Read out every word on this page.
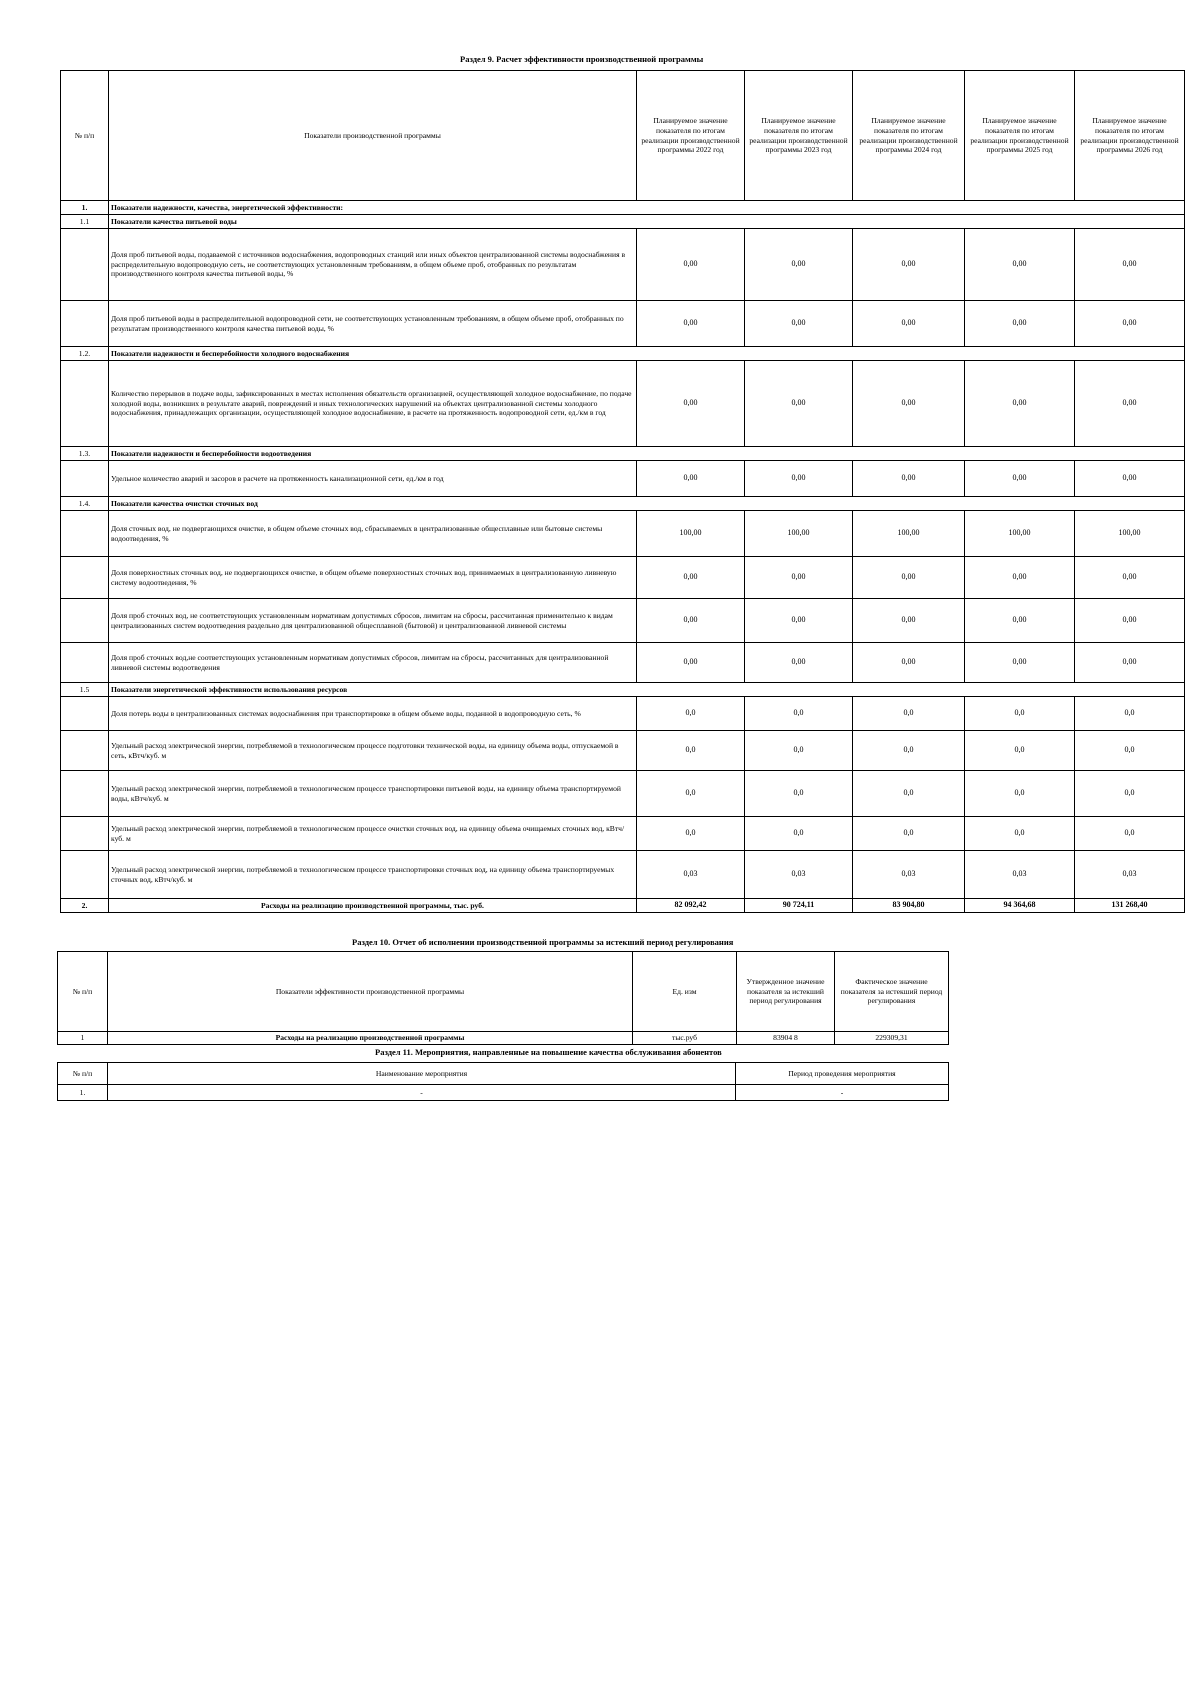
Раздел 9. Расчет эффективности производственной программы
№ п/п	Показатели производственной программы	Планируемое значение показателя по итогам реализации производственной программы 2022 год	Планируемое значение показателя по итогам реализации производственной программы 2023 год	Планируемое значение показателя по итогам реализации производственной программы 2024 год	Планируемое значение показателя по итогам реализации производственной программы 2025 год	Планируемое значение показателя по итогам реализации производственной программы 2026 год
1.	Показатели надежности, качества, энергетической эффективности:					
1.1	Показатели качества питьевой воды					
	Доля проб питьевой воды, подаваемой с источников водоснабжения, водопроводных станций или иных объектов централизованной системы водоснабжения в распределительную водопроводную сеть, не соответствующих установленным требованиям, в общем объеме проб, отобранных по результатам производственного контроля качества питьевой воды, %	0,00	0,00	0,00	0,00	0,00
	Доля проб питьевой воды в распределительной водопроводной сети, не соответствующих установленным требованиям, в общем объеме проб, отобранных по результатам производственного контроля качества питьевой воды, %	0,00	0,00	0,00	0,00	0,00
1.2.	Показатели надежности и бесперебойности холодного водоснабжения					
	Количество перерывов в подаче воды, зафиксированных в местах исполнения обязательств организацией, осуществляющей холодное водоснабжение, по подаче холодной воды, возникших в результате аварий, повреждений и иных технологических нарушений на объектах централизованной системы холодного водоснабжения, принадлежащих организации, осуществляющей холодное водоснабжение, в расчете на протяженность водопроводной сети, ед./км в год	0,00	0,00	0,00	0,00	0,00
1.3.	Показатели надежности и бесперебойности водоотведения					
	Удельное количество аварий и засоров в расчете на протяженность канализационной сети, ед./км в год	0,00	0,00	0,00	0,00	0,00
1.4.	Показатели качества очистки сточных вод					
	Доля сточных вод, не подвергающихся очистке, в общем объеме сточных вод, сбрасываемых в централизованные общесплавные или бытовые системы водоотведения, %	100,00	100,00	100,00	100,00	100,00
	Доля поверхностных сточных вод, не подвергающихся очистке, в общем объеме поверхностных сточных вод, принимаемых в централизованную ливневую систему водоотведения, %	0,00	0,00	0,00	0,00	0,00
	Доля проб сточных вод, не соответствующих установленным нормативам допустимых сбросов, лимитам на сбросы, рассчитанная применительно к видам централизованных систем водоотведения раздельно для централизованной общесплавной (бытовой) и централизованной ливневой системы	0,00	0,00	0,00	0,00	0,00
	Доля проб сточных вод,не соответствующих установленным нормативам допустимых сбросов, лимитам на сбросы, рассчитанных для централизованной ливневой системы водоотведения	0,00	0,00	0,00	0,00	0,00
1.5	Показатели энергетической эффективности использования ресурсов					
	Доля потерь воды в централизованных системах водоснабжения при транспортировке в общем объеме воды, поданной в водопроводную сеть, %	0,0	0,0	0,0	0,0	0,0
	Удельный расход электрической энергии, потребляемой в технологическом процессе подготовки технической воды, на единицу объема воды, отпускаемой в сеть, кВтч/куб. м	0,0	0,0	0,0	0,0	0,0
	Удельный расход электрической энергии, потребляемой в технологическом процессе транспортировки питьевой воды, на единицу объема транспортируемой воды, кВтч/куб. м	0,0	0,0	0,0	0,0	0,0
	Удельный расход электрической энергии, потребляемой в технологическом процессе очистки сточных вод, на единицу объема очищаемых сточных вод, кВтч/куб. м	0,0	0,0	0,0	0,0	0,0
	Удельный расход электрической энергии, потребляемой в технологическом процессе транспортировки сточных вод, на единицу объема транспортируемых сточных вод, кВтч/куб. м	0,03	0,03	0,03	0,03	0,03
2.	Расходы на реализацию производственной программы, тыс. руб.	82 092,42	90 724,11	83 904,80	94 364,68	131 268,40
Раздел 10. Отчет об исполнении производственной программы за истекший период регулирования
№ п/п	Показатели эффективности производственной программы	Ед. изм	Утвержденное значение показателя за истекший период регулирования	Фактическое значение показателя за истекший период регулирования
1	Расходы на реализацию производственной программы	тыс.руб	83904 8	229309,31
Раздел 11. Мероприятия, направленные на повышение качества обслуживания абонентов
№ п/п	Наименование мероприятия	Период проведения мероприятия
1.	-	-
